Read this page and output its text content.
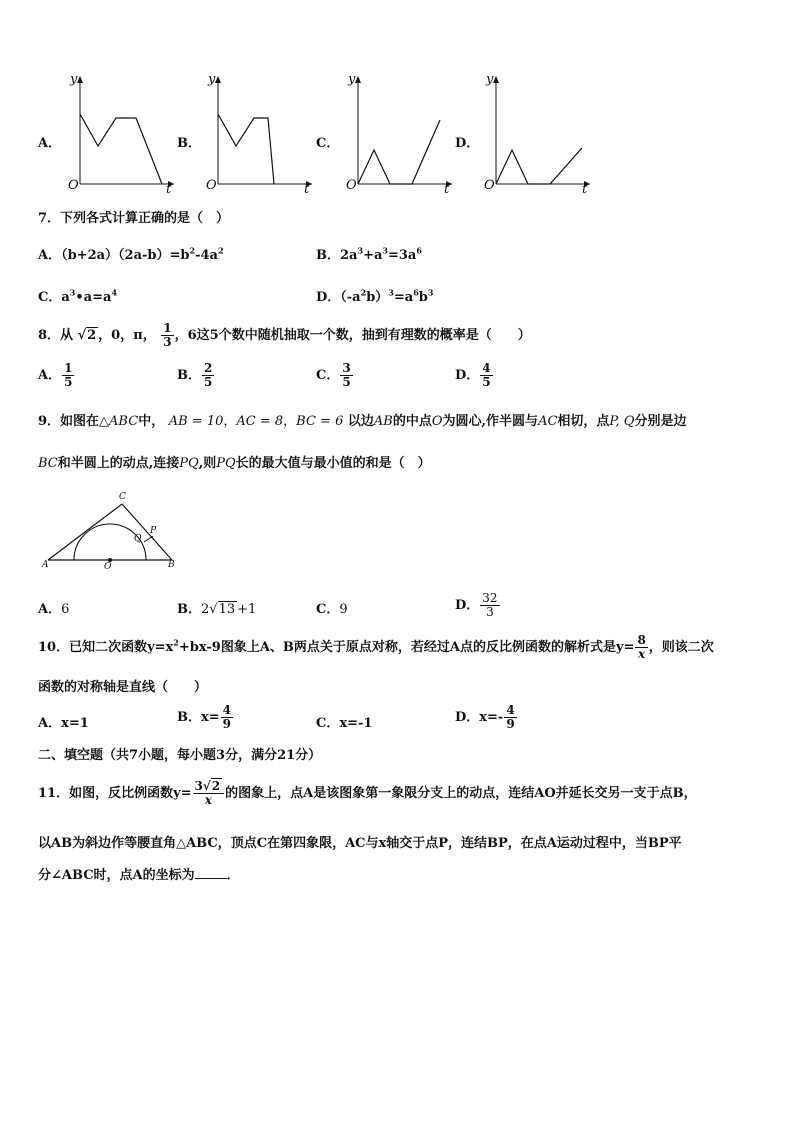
A．
y
O	t
B．
y
O	t
C．
y
O	t
D．
y
O	t
7．下列各式计算正确的是（　）
A．$(b+2a)(2a-b)=b^2-4a^2$	B．$2a^3+a^3=3a^6$
C．$a^3•a=a^4$	D．$(-a^2b)^3=a^6b^3$
8．从 √2 ，0，π， $\frac{1}{3}$ ，6这5个数中随机抽取一个数，抽到有理数的概率是（　　）
A． $\frac{1}{5}$	B． $\frac{2}{5}$	C． $\frac{3}{5}$	D． $\frac{4}{5}$
9．如图在△ABC中， AB = 10，AC = 8，BC = 6 以边AB的中点O为圆心,作半圆与AC相切，点P, Q分别是边
BC和半圆上的动点,连接PQ,则PQ长的最大值与最小值的和是（　）
A	B
C
O
P
Q
A．6	B．2√13 +1	C．9	D． $\frac{32}{3}$
10．已知二次函数$y=x^2+bx-9$图象上A、B两点关于原点对称，若经过A点的反比例函数的解析式是$y= \frac{8}{x}$ ，则该二次
函数的对称轴是直线（　　）
A．x=1	B．$x= \frac{4}{9}$	C．x=-1	D．$x=- \frac{4}{9}$
二、填空题（共7小题，每小题3分，满分21分）
11．如图，反比例函数$y= \frac{3√2}{x}$ 的图象上，点A是该图象第一象限分支上的动点，连结AO并延长交另一支于点B，
以AB为斜边作等腰直角△ABC，顶点C在第四象限，AC与x轴交于点P，连结BP，在点A运动过程中，当BP平
分∠ABC时，点A的坐标为 ．
